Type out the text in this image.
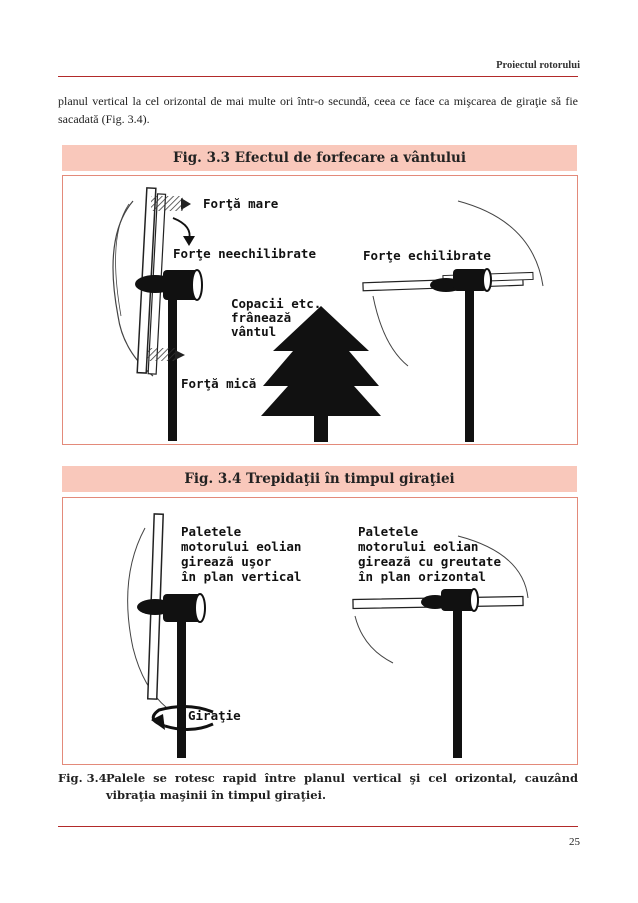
Proiectul rotorului
planul vertical la cel orizontal de mai multe ori într-o secundă, ceea ce face ca mişcarea de giraţie să fie sacadată (Fig. 3.4).
Fig. 3.3 Efectul de forfecare a vântului
Forţă mare
Forţe neechilibrate
Forţă mică
Copacii etc.
frânează
vântul
Forţe echilibrate
Fig. 3.4 Trepidaţii în timpul giraţiei
Giraţie
Paletele
motorului eolian
gireazã uşor
în plan vertical
Paletele
motorului eolian
gireazã cu greutate
în plan orizontal
Fig. 3.4 Palele se rotesc rapid între planul vertical şi cel orizontal, cauzând vibraţia maşinii în timpul giraţiei.
25
